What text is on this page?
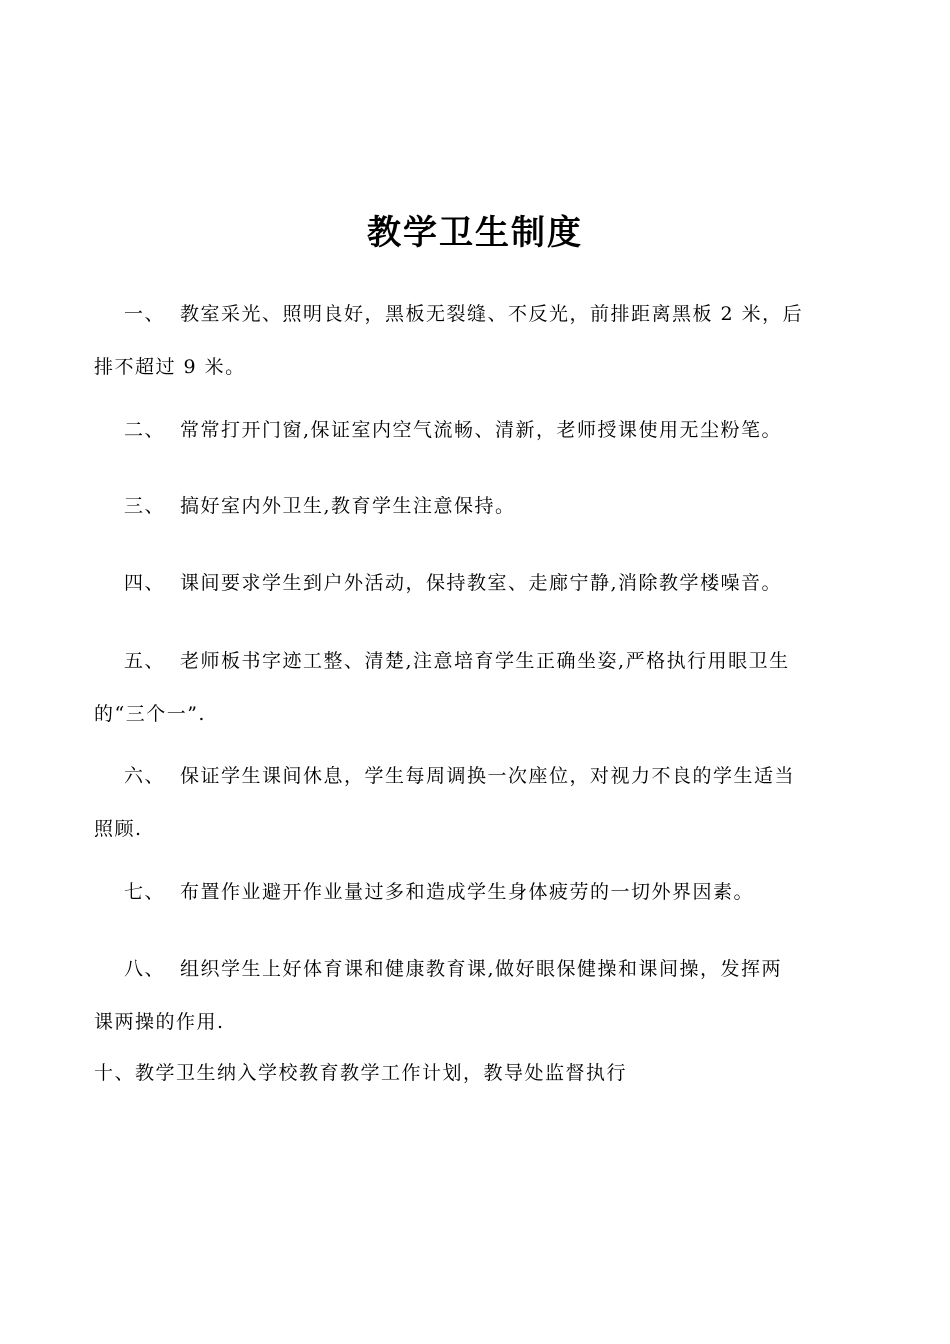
教学卫生制度
一、 教室采光、照明良好，黑板无裂缝、不反光，前排距离黑板 2 米，后
排不超过 9 米。
二、 常常打开门窗,保证室内空气流畅、清新，老师授课使用无尘粉笔。
三、 搞好室内外卫生,教育学生注意保持。
四、 课间要求学生到户外活动，保持教室、走廊宁静,消除教学楼噪音。
五、 老师板书字迹工整、清楚,注意培育学生正确坐姿,严格执行用眼卫生
的“三个一”.
六、 保证学生课间休息，学生每周调换一次座位，对视力不良的学生适当
照顾.
七、 布置作业避开作业量过多和造成学生身体疲劳的一切外界因素。
八、 组织学生上好体育课和健康教育课,做好眼保健操和课间操，发挥两
课两操的作用.
十、教学卫生纳入学校教育教学工作计划，教导处监督执行
